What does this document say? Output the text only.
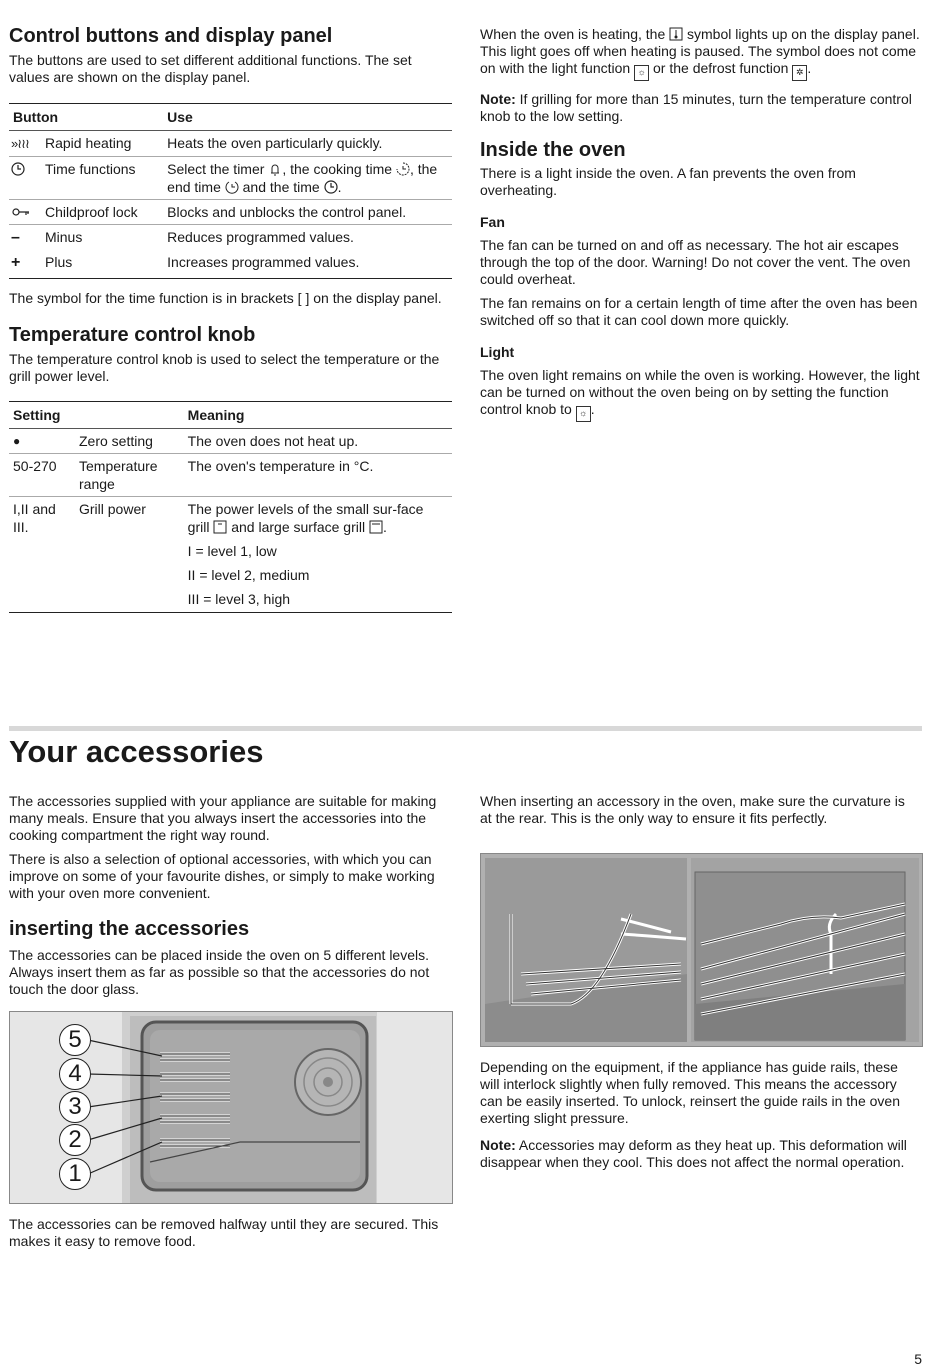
Control buttons and display panel

The buttons are used to set different additional functions. The set values are shown on the display panel.

Button		Use
»≀≀≀	Rapid heating	Heats the oven particularly quickly.
	Time functions	Select the timer , the cooking time , the end time  and the time .
	Childproof lock	Blocks and unblocks the control panel.
–	Minus	Reduces programmed values.
+	Plus	Increases programmed values.

The symbol for the time function is in brackets [ ] on the display panel.

Temperature control knob

The temperature control knob is used to select the temperature or the grill power level.

Setting		Meaning
●	Zero setting	The oven does not heat up.
50-270	Temperature range	The oven's temperature in °C.
I,II and III.	Grill power	The power levels of the small sur-face grill  and large surface grill .
I = level 1, low
II = level 2, medium
III = level 3, high

When the oven is heating, the  symbol lights up on the display panel. This light goes off when heating is paused. The symbol does not come on with the light function ☼ or the defrost function ✲ .

Note: If grilling for more than 15 minutes, turn the temperature control knob to the low setting.

Inside the oven

There is a light inside the oven. A fan prevents the oven from overheating.

Fan

The fan can be turned on and off as necessary. The hot air escapes through the top of the door. Warning! Do not cover the vent. The oven could overheat.

The fan remains on for a certain length of time after the oven has been switched off so that it can cool down more quickly.

Light

The oven light remains on while the oven is working. However, the light can be turned on without the oven being on by setting the function control knob to ☼ .

Your accessories

The accessories supplied with your appliance are suitable for making many meals. Ensure that you always insert the accessories into the cooking compartment the right way round.

There is also a selection of optional accessories, with which you can improve on some of your favourite dishes, or simply to make working with your oven more convenient.

inserting the accessories

The accessories can be placed inside the oven on 5 different levels. Always insert them as far as possible so that the accessories do not touch the door glass.

5
4
3
2
1

The accessories can be removed halfway until they are secured. This makes it easy to remove food.

When inserting an accessory in the oven, make sure the curvature is at the rear. This is the only way to ensure it fits perfectly.

Depending on the equipment, if the appliance has guide rails, these will interlock slightly when fully removed. This means the accessory can be easily inserted. To unlock, reinsert the guide rails in the oven exerting slight pressure.

Note: Accessories may deform as they heat up. This deformation will disappear when they cool. This does not affect the normal operation.

5
